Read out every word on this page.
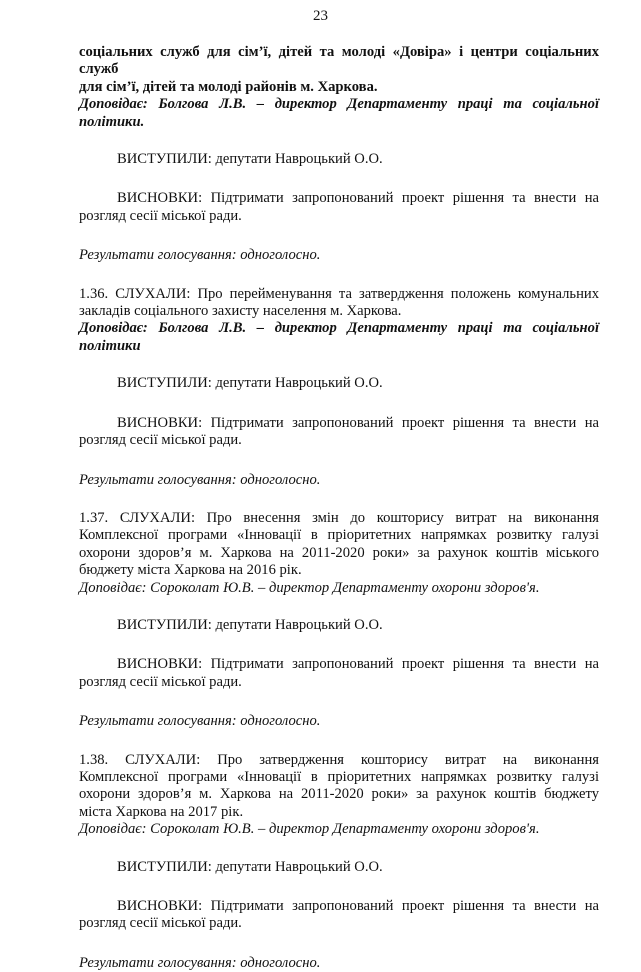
23
соціальних служб для сім’ї, дітей та молоді «Довіра» і центри соціальних служб
для сім’ї, дітей та молоді районів м. Харкова.
Доповідає: Болгова Л.В. – директор Департаменту праці та соціальної
політики.

ВИСТУПИЛИ: депутати Навроцький О.О.

ВИСНОВКИ: Підтримати запропонований проект рішення та внести на
розгляд сесії міської ради.

Результати голосування: одноголосно.

1.36. СЛУХАЛИ: Про перейменування та затвердження положень комунальних
закладів соціального захисту населення м. Харкова.
Доповідає: Болгова Л.В. – директор Департаменту праці та соціальної
політики

ВИСТУПИЛИ: депутати Навроцький О.О.

ВИСНОВКИ: Підтримати запропонований проект рішення та внести на
розгляд сесії міської ради.

Результати голосування: одноголосно.

1.37. СЛУХАЛИ: Про внесення змін до кошторису витрат на виконання
Комплексної програми «Інновації в пріоритетних напрямках розвитку галузі
охорони здоров’я м. Харкова на 2011-2020 роки» за рахунок коштів міського
бюджету міста Харкова на 2016 рік.

Доповідає: Сороколат Ю.В. – директор Департаменту охорони здоров'я.

ВИСТУПИЛИ: депутати Навроцький О.О.

ВИСНОВКИ: Підтримати запропонований проект рішення та внести на
розгляд сесії міської ради.

Результати голосування: одноголосно.

1.38. СЛУХАЛИ: Про затвердження кошторису витрат на виконання
Комплексної програми «Інновації в пріоритетних напрямках розвитку галузі
охорони здоров’я м. Харкова на 2011-2020 роки» за рахунок коштів бюджету
міста Харкова на 2017 рік.

Доповідає: Сороколат Ю.В. – директор Департаменту охорони здоров'я.

ВИСТУПИЛИ: депутати Навроцький О.О.

ВИСНОВКИ: Підтримати запропонований проект рішення та внести на
розгляд сесії міської ради.

Результати голосування: одноголосно.
